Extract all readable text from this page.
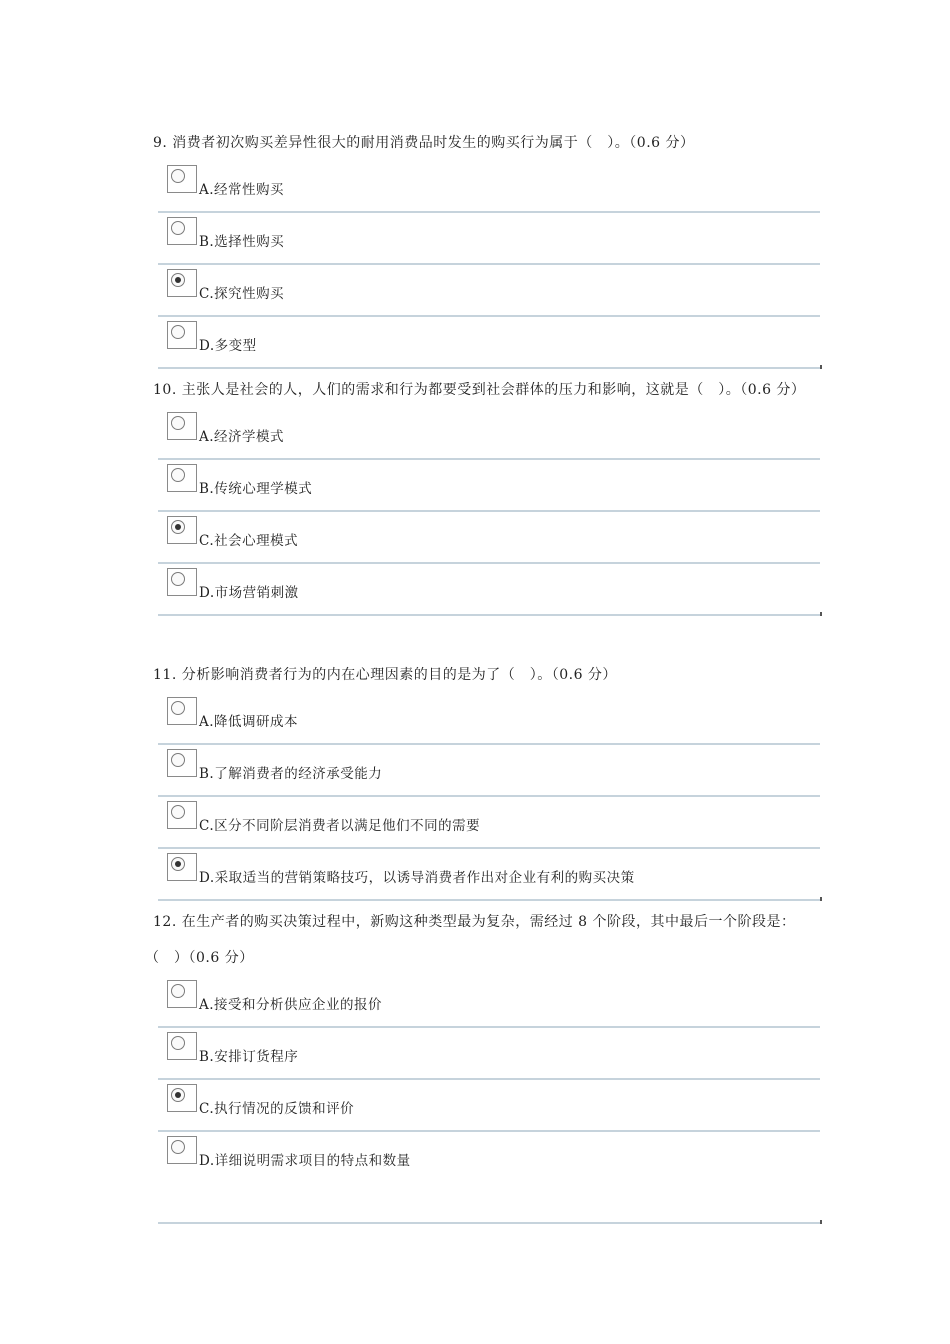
9. 消费者初次购买差异性很大的耐用消费品时发生的购买行为属于（　）。（0.6 分）

A.经常性购买
B.选择性购买
C.探究性购买
D.多变型

10. 主张人是社会的人，人们的需求和行为都要受到社会群体的压力和影响，这就是（　）。（0.6 分）

A.经济学模式
B.传统心理学模式
C.社会心理模式
D.市场营销刺激

11. 分析影响消费者行为的内在心理因素的目的是为了（　）。（0.6 分）

A.降低调研成本
B.了解消费者的经济承受能力
C.区分不同阶层消费者以满足他们不同的需要
D.采取适当的营销策略技巧，以诱导消费者作出对企业有利的购买决策

12. 在生产者的购买决策过程中，新购这种类型最为复杂，需经过 8 个阶段，其中最后一个阶段是：（　）（0.6 分）

A.接受和分析供应企业的报价
B.安排订货程序
C.执行情况的反馈和评价
D.详细说明需求项目的特点和数量
